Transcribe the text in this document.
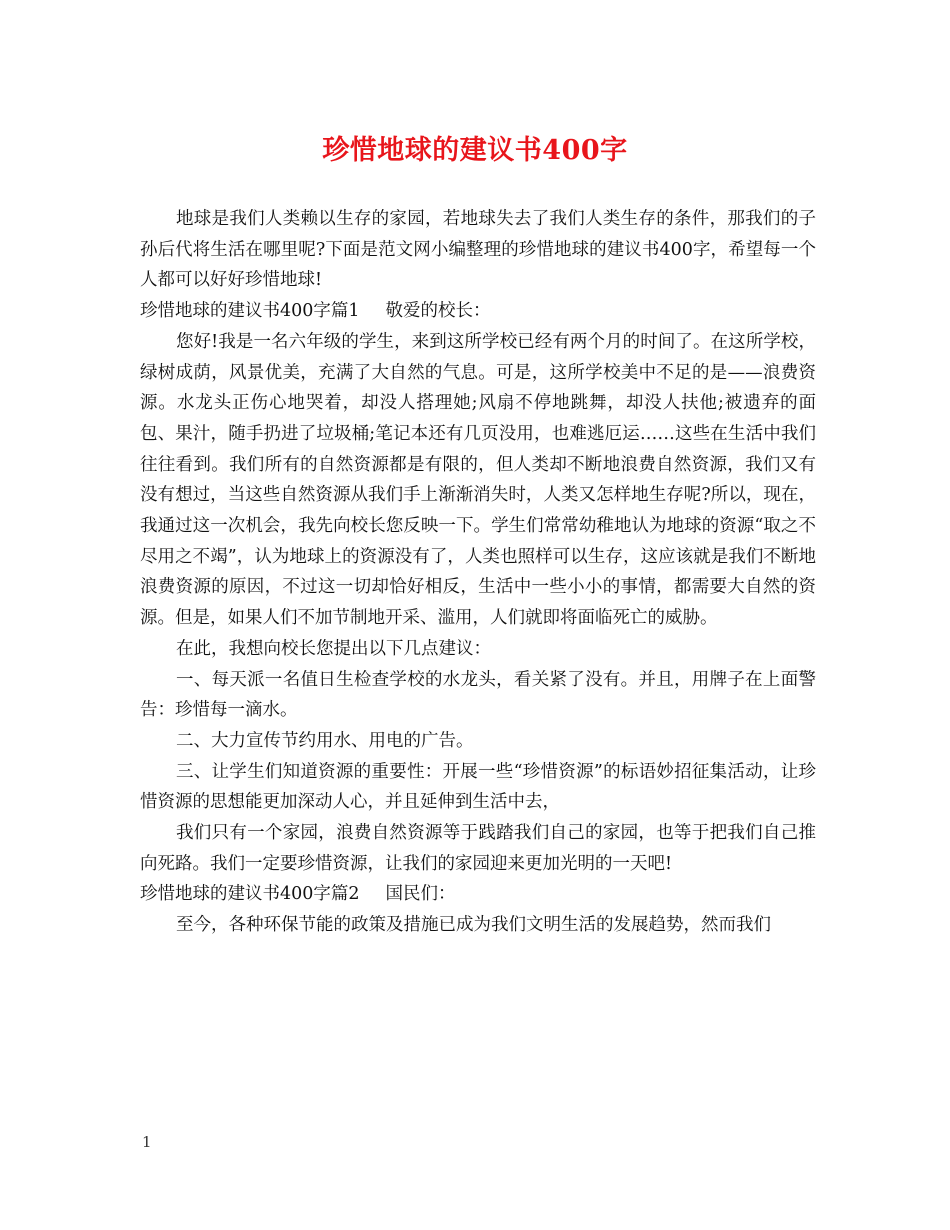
珍惜地球的建议书400字

地球是我们人类赖以生存的家园，若地球失去了我们人类生存的条件，那我们的子孙后代将生活在哪里呢?下面是范文网小编整理的珍惜地球的建议书400字，希望每一个人都可以好好珍惜地球!

珍惜地球的建议书400字篇1 敬爱的校长：

您好!我是一名六年级的学生，来到这所学校已经有两个月的时间了。在这所学校，绿树成荫，风景优美，充满了大自然的气息。可是，这所学校美中不足的是——浪费资源。水龙头正伤心地哭着，却没人搭理她;风扇不停地跳舞，却没人扶他;被遗弃的面包、果汁，随手扔进了垃圾桶;笔记本还有几页没用，也难逃厄运……这些在生活中我们往往看到。我们所有的自然资源都是有限的，但人类却不断地浪费自然资源，我们又有没有想过，当这些自然资源从我们手上渐渐消失时，人类又怎样地生存呢?所以，现在，我通过这一次机会，我先向校长您反映一下。学生们常常幼稚地认为地球的资源“取之不尽用之不竭”，认为地球上的资源没有了，人类也照样可以生存，这应该就是我们不断地浪费资源的原因，不过这一切却恰好相反，生活中一些小小的事情，都需要大自然的资源。但是，如果人们不加节制地开采、滥用，人们就即将面临死亡的威胁。

在此，我想向校长您提出以下几点建议：

一、每天派一名值日生检查学校的水龙头，看关紧了没有。并且，用牌子在上面警告：珍惜每一滴水。

二、大力宣传节约用水、用电的广告。

三、让学生们知道资源的重要性：开展一些“珍惜资源”的标语妙招征集活动，让珍惜资源的思想能更加深动人心，并且延伸到生活中去，

我们只有一个家园，浪费自然资源等于践踏我们自己的家园，也等于把我们自己推向死路。我们一定要珍惜资源，让我们的家园迎来更加光明的一天吧!

珍惜地球的建议书400字篇2 国民们：

至今，各种环保节能的政策及措施已成为我们文明生活的发展趋势，然而我们

1
